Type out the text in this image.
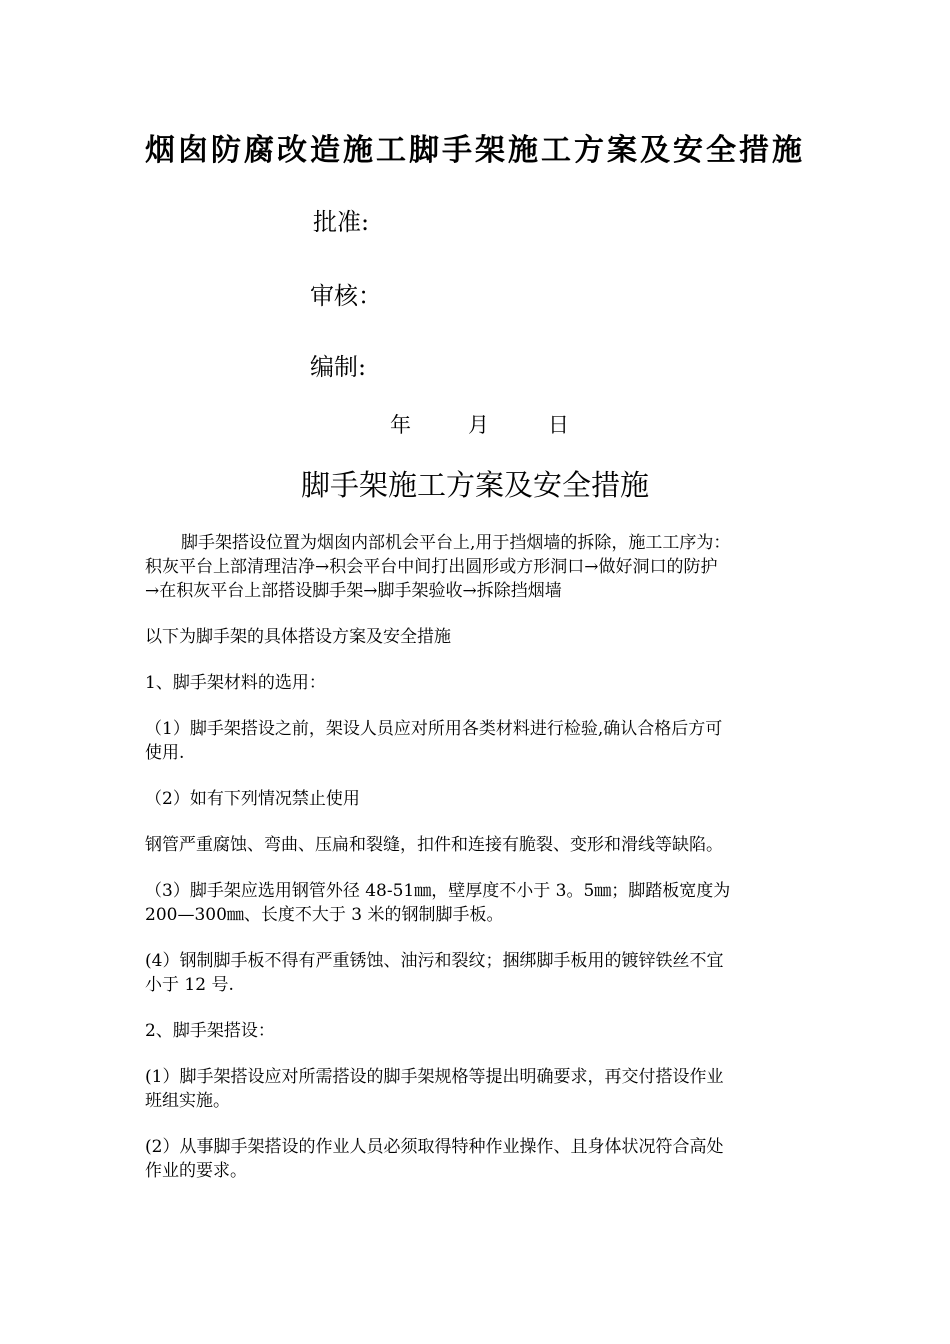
烟囱防腐改造施工脚手架施工方案及安全措施
批准:
审核：
编制:
年	月	日
脚手架施工方案及安全措施

脚手架搭设位置为烟囱内部机会平台上,用于挡烟墙的拆除，施工工序为：

积灰平台上部清理洁净→积会平台中间打出圆形或方形洞口→做好洞口的防护

→在积灰平台上部搭设脚手架→脚手架验收→拆除挡烟墙

以下为脚手架的具体搭设方案及安全措施

1、脚手架材料的选用：

（1）脚手架搭设之前，架设人员应对所用各类材料进行检验,确认合格后方可

使用.

（2）如有下列情况禁止使用

钢管严重腐蚀、弯曲、压扁和裂缝，扣件和连接有脆裂、变形和滑线等缺陷。

（3）脚手架应选用钢管外径 48-51㎜，壁厚度不小于 3。5㎜；脚踏板宽度为

200—300㎜、长度不大于 3 米的钢制脚手板。

(4）钢制脚手板不得有严重锈蚀、油污和裂纹；捆绑脚手板用的镀锌铁丝不宜

小于 12 号.

2、脚手架搭设：

(1）脚手架搭设应对所需搭设的脚手架规格等提出明确要求，再交付搭设作业

班组实施。

(2）从事脚手架搭设的作业人员必须取得特种作业操作、且身体状况符合高处

作业的要求。
